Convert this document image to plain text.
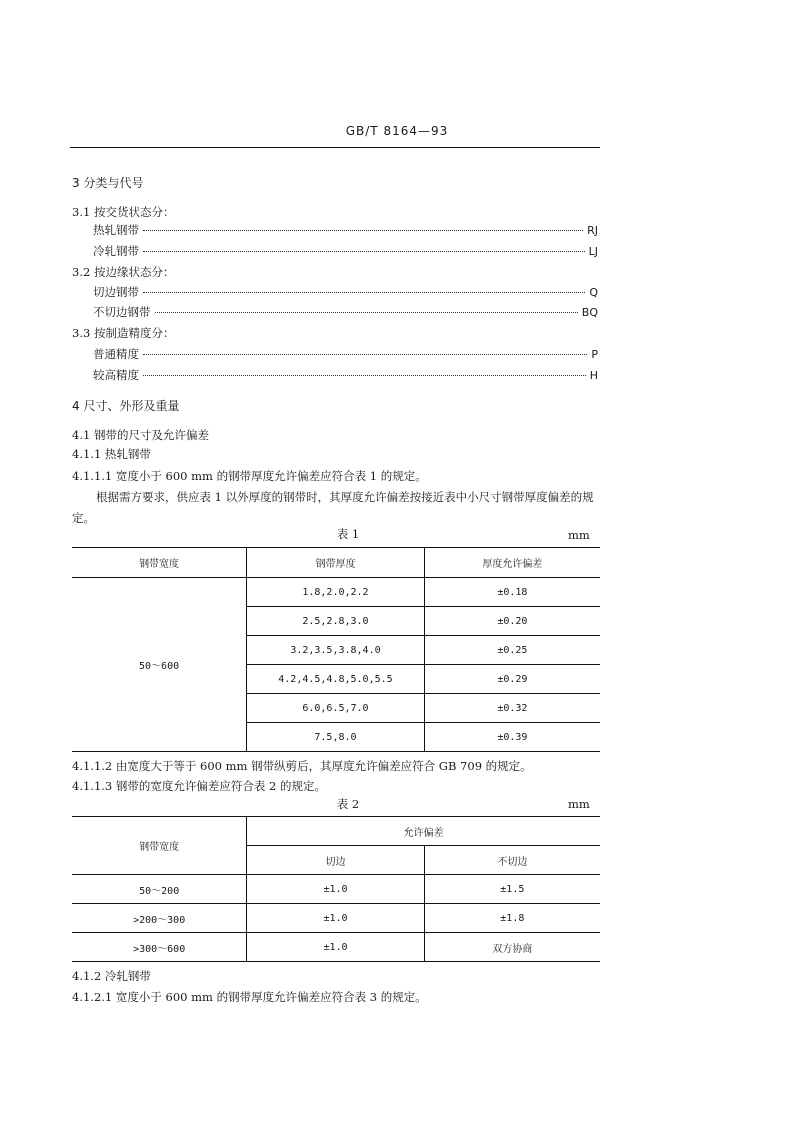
GB/T 8164—93
3 分类与代号
3.1 按交货状态分：
热轧钢带	RJ
冷轧钢带	LJ
3.2 按边缘状态分：
切边钢带	Q
不切边钢带	BQ
3.3 按制造精度分：
普通精度	P
较高精度	H
4 尺寸、外形及重量
4.1 钢带的尺寸及允许偏差
4.1.1 热轧钢带
4.1.1.1 宽度小于 600 mm 的钢带厚度允许偏差应符合表 1 的规定。
根据需方要求，供应表 1 以外厚度的钢带时，其厚度允许偏差按接近表中小尺寸钢带厚度偏差的规
定。
表 1	mm
钢带宽度	钢带厚度	厚度允许偏差
50～600	1.8,2.0,2.2	±0.18
	2.5,2.8,3.0	±0.20
	3.2,3.5,3.8,4.0	±0.25
	4.2,4.5,4.8,5.0,5.5	±0.29
	6.0,6.5,7.0	±0.32
	7.5,8.0	±0.39
4.1.1.2 由宽度大于等于 600 mm 钢带纵剪后，其厚度允许偏差应符合 GB 709 的规定。
4.1.1.3 钢带的宽度允许偏差应符合表 2 的规定。
表 2	mm
钢带宽度	允许偏差	
	切边	不切边
50～200	±1.0	±1.5
>200～300	±1.0	±1.8
>300～600	±1.0	双方协商
4.1.2 冷轧钢带
4.1.2.1 宽度小于 600 mm 的钢带厚度允许偏差应符合表 3 的规定。
